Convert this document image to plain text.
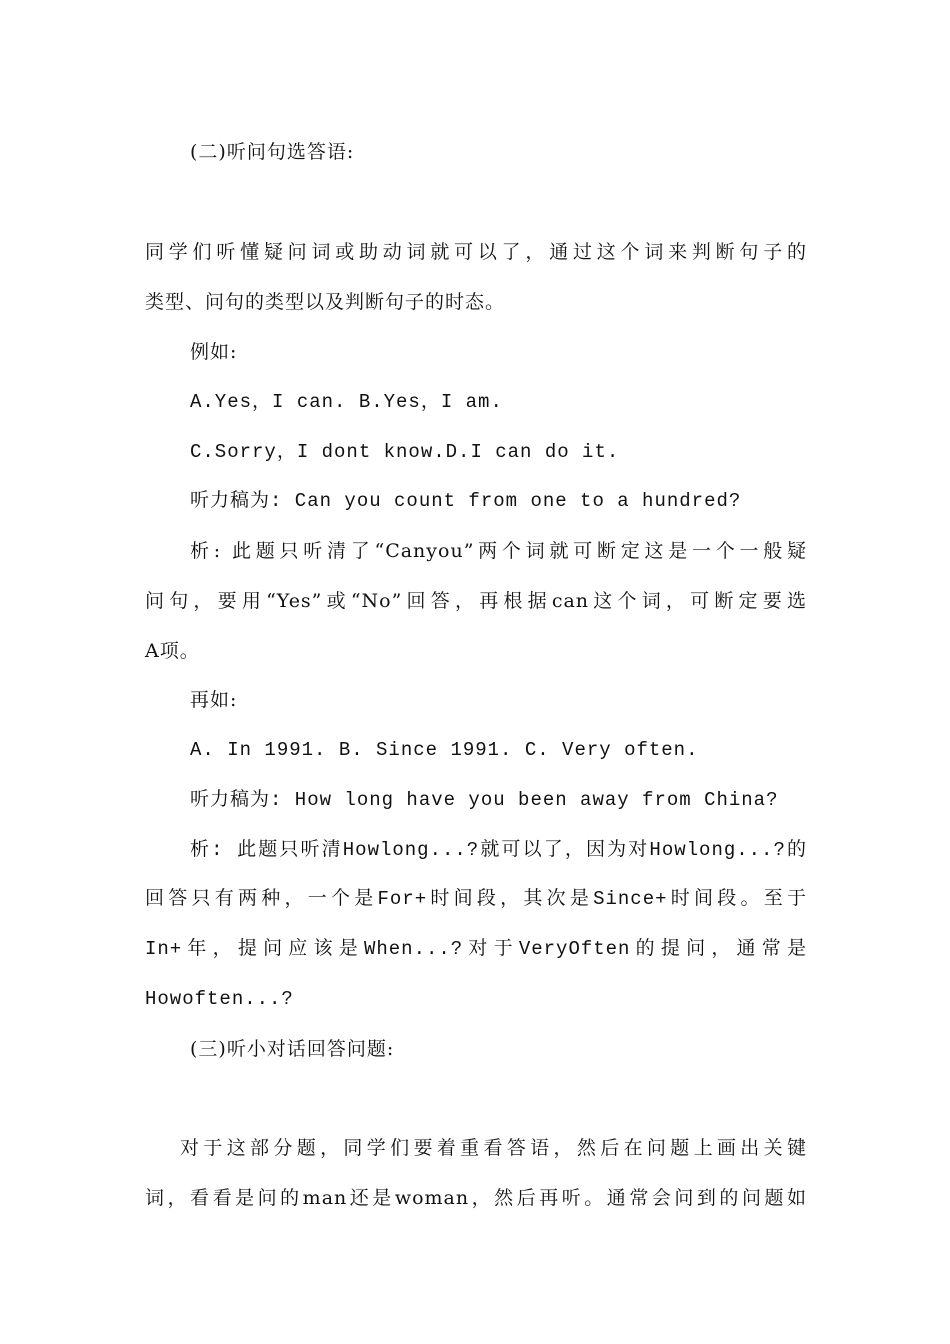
(二)听问句选答语:
同学们听懂疑问词或助动词就可以了，通过这个词来判断句子的
类型、问句的类型以及判断句子的时态。
例如:
A.Yes，I can. B.Yes，I am.
C.Sorry，I dont know.D.I can do it.
听力稿为: Can you count from one to a hundred?
析: 此题只听清了“Canyou”两个词就可断定这是一个一般疑
问句，要用“Yes”或“No”回答，再根据can这个词，可断定要选
A项。
再如:
A. In 1991. B. Since 1991. C. Very often.
听力稿为: How long have you been away from China?
析: 此题只听清Howlong...?就可以了，因为对Howlong...?的
回答只有两种，一个是For+时间段，其次是Since+时间段。至于
In+年，提问应该是When...?对于VeryOften的提问，通常是
Howoften...?
(三)听小对话回答问题:
对于这部分题，同学们要着重看答语，然后在问题上画出关键
词，看看是问的man还是woman，然后再听。通常会问到的问题如
